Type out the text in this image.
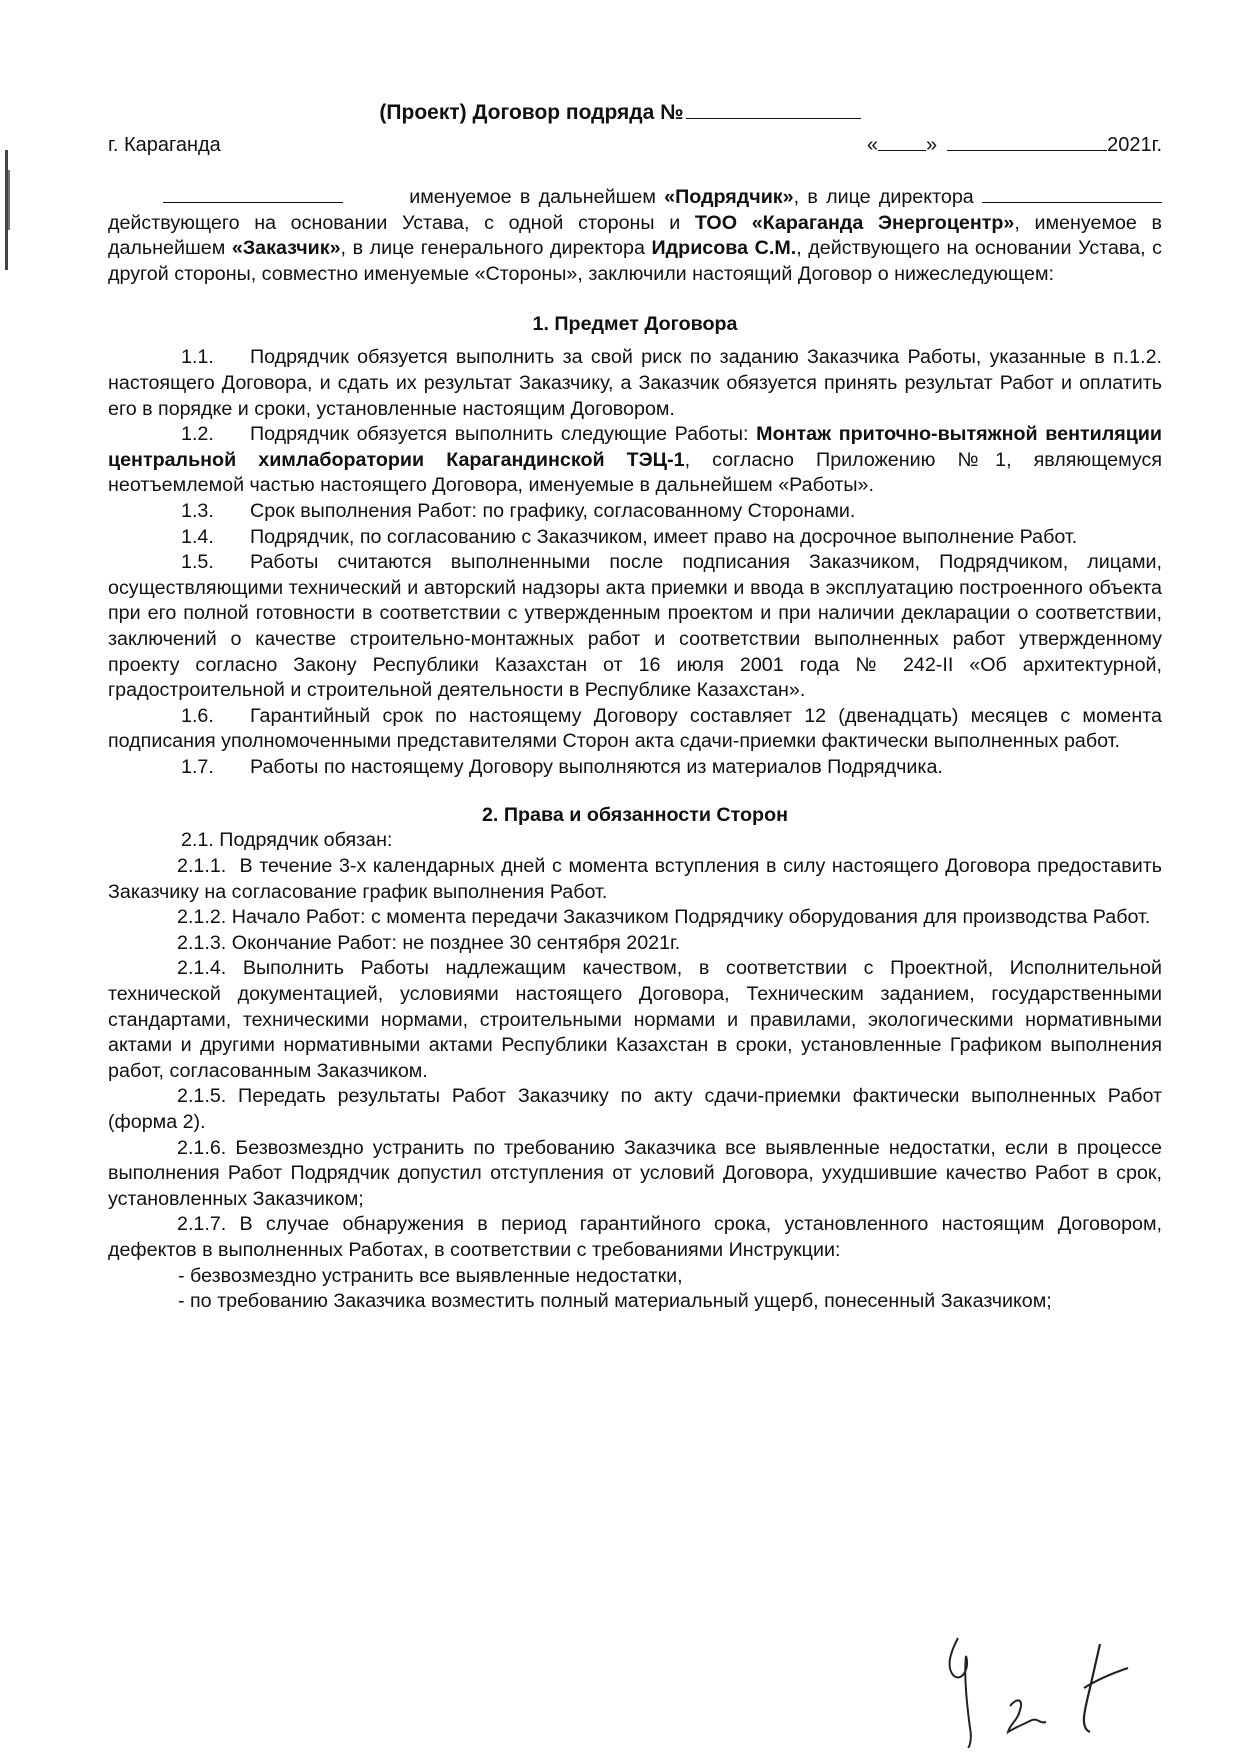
(Проект) Договор подряда №
г. Караганда	« »	2021г.

именуемое в дальнейшем «Подрядчик», в лице директора действующего на основании Устава, с одной стороны и ТОО «Караганда Энергоцентр», именуемое в дальнейшем «Заказчик», в лице генерального директора Идрисова С.М., действующего на основании Устава, с другой стороны, совместно именуемые «Стороны», заключили настоящий Договор о нижеследующем:

1. Предмет Договора

1.1. Подрядчик обязуется выполнить за свой риск по заданию Заказчика Работы, указанные в п.1.2. настоящего Договора, и сдать их результат Заказчику, а Заказчик обязуется принять результат Работ и оплатить его в порядке и сроки, установленные настоящим Договором.

1.2. Подрядчик обязуется выполнить следующие Работы: Монтаж приточно-вытяжной вентиляции центральной химлаборатории Карагандинской ТЭЦ-1, согласно Приложению №1, являющемуся неотъемлемой частью настоящего Договора, именуемые в дальнейшем «Работы».

1.3. Срок выполнения Работ: по графику, согласованному Сторонами.

1.4. Подрядчик, по согласованию с Заказчиком, имеет право на досрочное выполнение Работ.

1.5. Работы считаются выполненными после подписания Заказчиком, Подрядчиком, лицами, осуществляющими технический и авторский надзоры акта приемки и ввода в эксплуатацию построенного объекта при его полной готовности в соответствии с утвержденным проектом и при наличии декларации о соответствии, заключений о качестве строительно-монтажных работ и соответствии выполненных работ утвержденному проекту согласно Закону Республики Казахстан от 16 июля 2001 года № 242-II «Об архитектурной, градостроительной и строительной деятельности в Республике Казахстан».

1.6. Гарантийный срок по настоящему Договору составляет 12 (двенадцать) месяцев с момента подписания уполномоченными представителями Сторон акта сдачи-приемки фактически выполненных работ.

1.7. Работы по настоящему Договору выполняются из материалов Подрядчика.

2. Права и обязанности Сторон

2.1. Подрядчик обязан:

2.1.1. В течение 3-х календарных дней с момента вступления в силу настоящего Договора предоставить Заказчику на согласование график выполнения Работ.

2.1.2. Начало Работ: с момента передачи Заказчиком Подрядчику оборудования для производства Работ.

2.1.3. Окончание Работ: не позднее 30 сентября 2021г.

2.1.4. Выполнить Работы надлежащим качеством, в соответствии с Проектной, Исполнительной технической документацией, условиями настоящего Договора, Техническим заданием, государственными стандартами, техническими нормами, строительными нормами и правилами, экологическими нормативными актами и другими нормативными актами Республики Казахстан в сроки, установленные Графиком выполнения работ, согласованным Заказчиком.

2.1.5. Передать результаты Работ Заказчику по акту сдачи-приемки фактически выполненных Работ (форма 2).

2.1.6. Безвозмездно устранить по требованию Заказчика все выявленные недостатки, если в процессе выполнения Работ Подрядчик допустил отступления от условий Договора, ухудшившие качество Работ в срок, установленных Заказчиком;

2.1.7. В случае обнаружения в период гарантийного срока, установленного настоящим Договором, дефектов в выполненных Работах, в соответствии с требованиями Инструкции:

- безвозмездно устранить все выявленные недостатки,

- по требованию Заказчика возместить полный материальный ущерб, понесенный Заказчиком;
